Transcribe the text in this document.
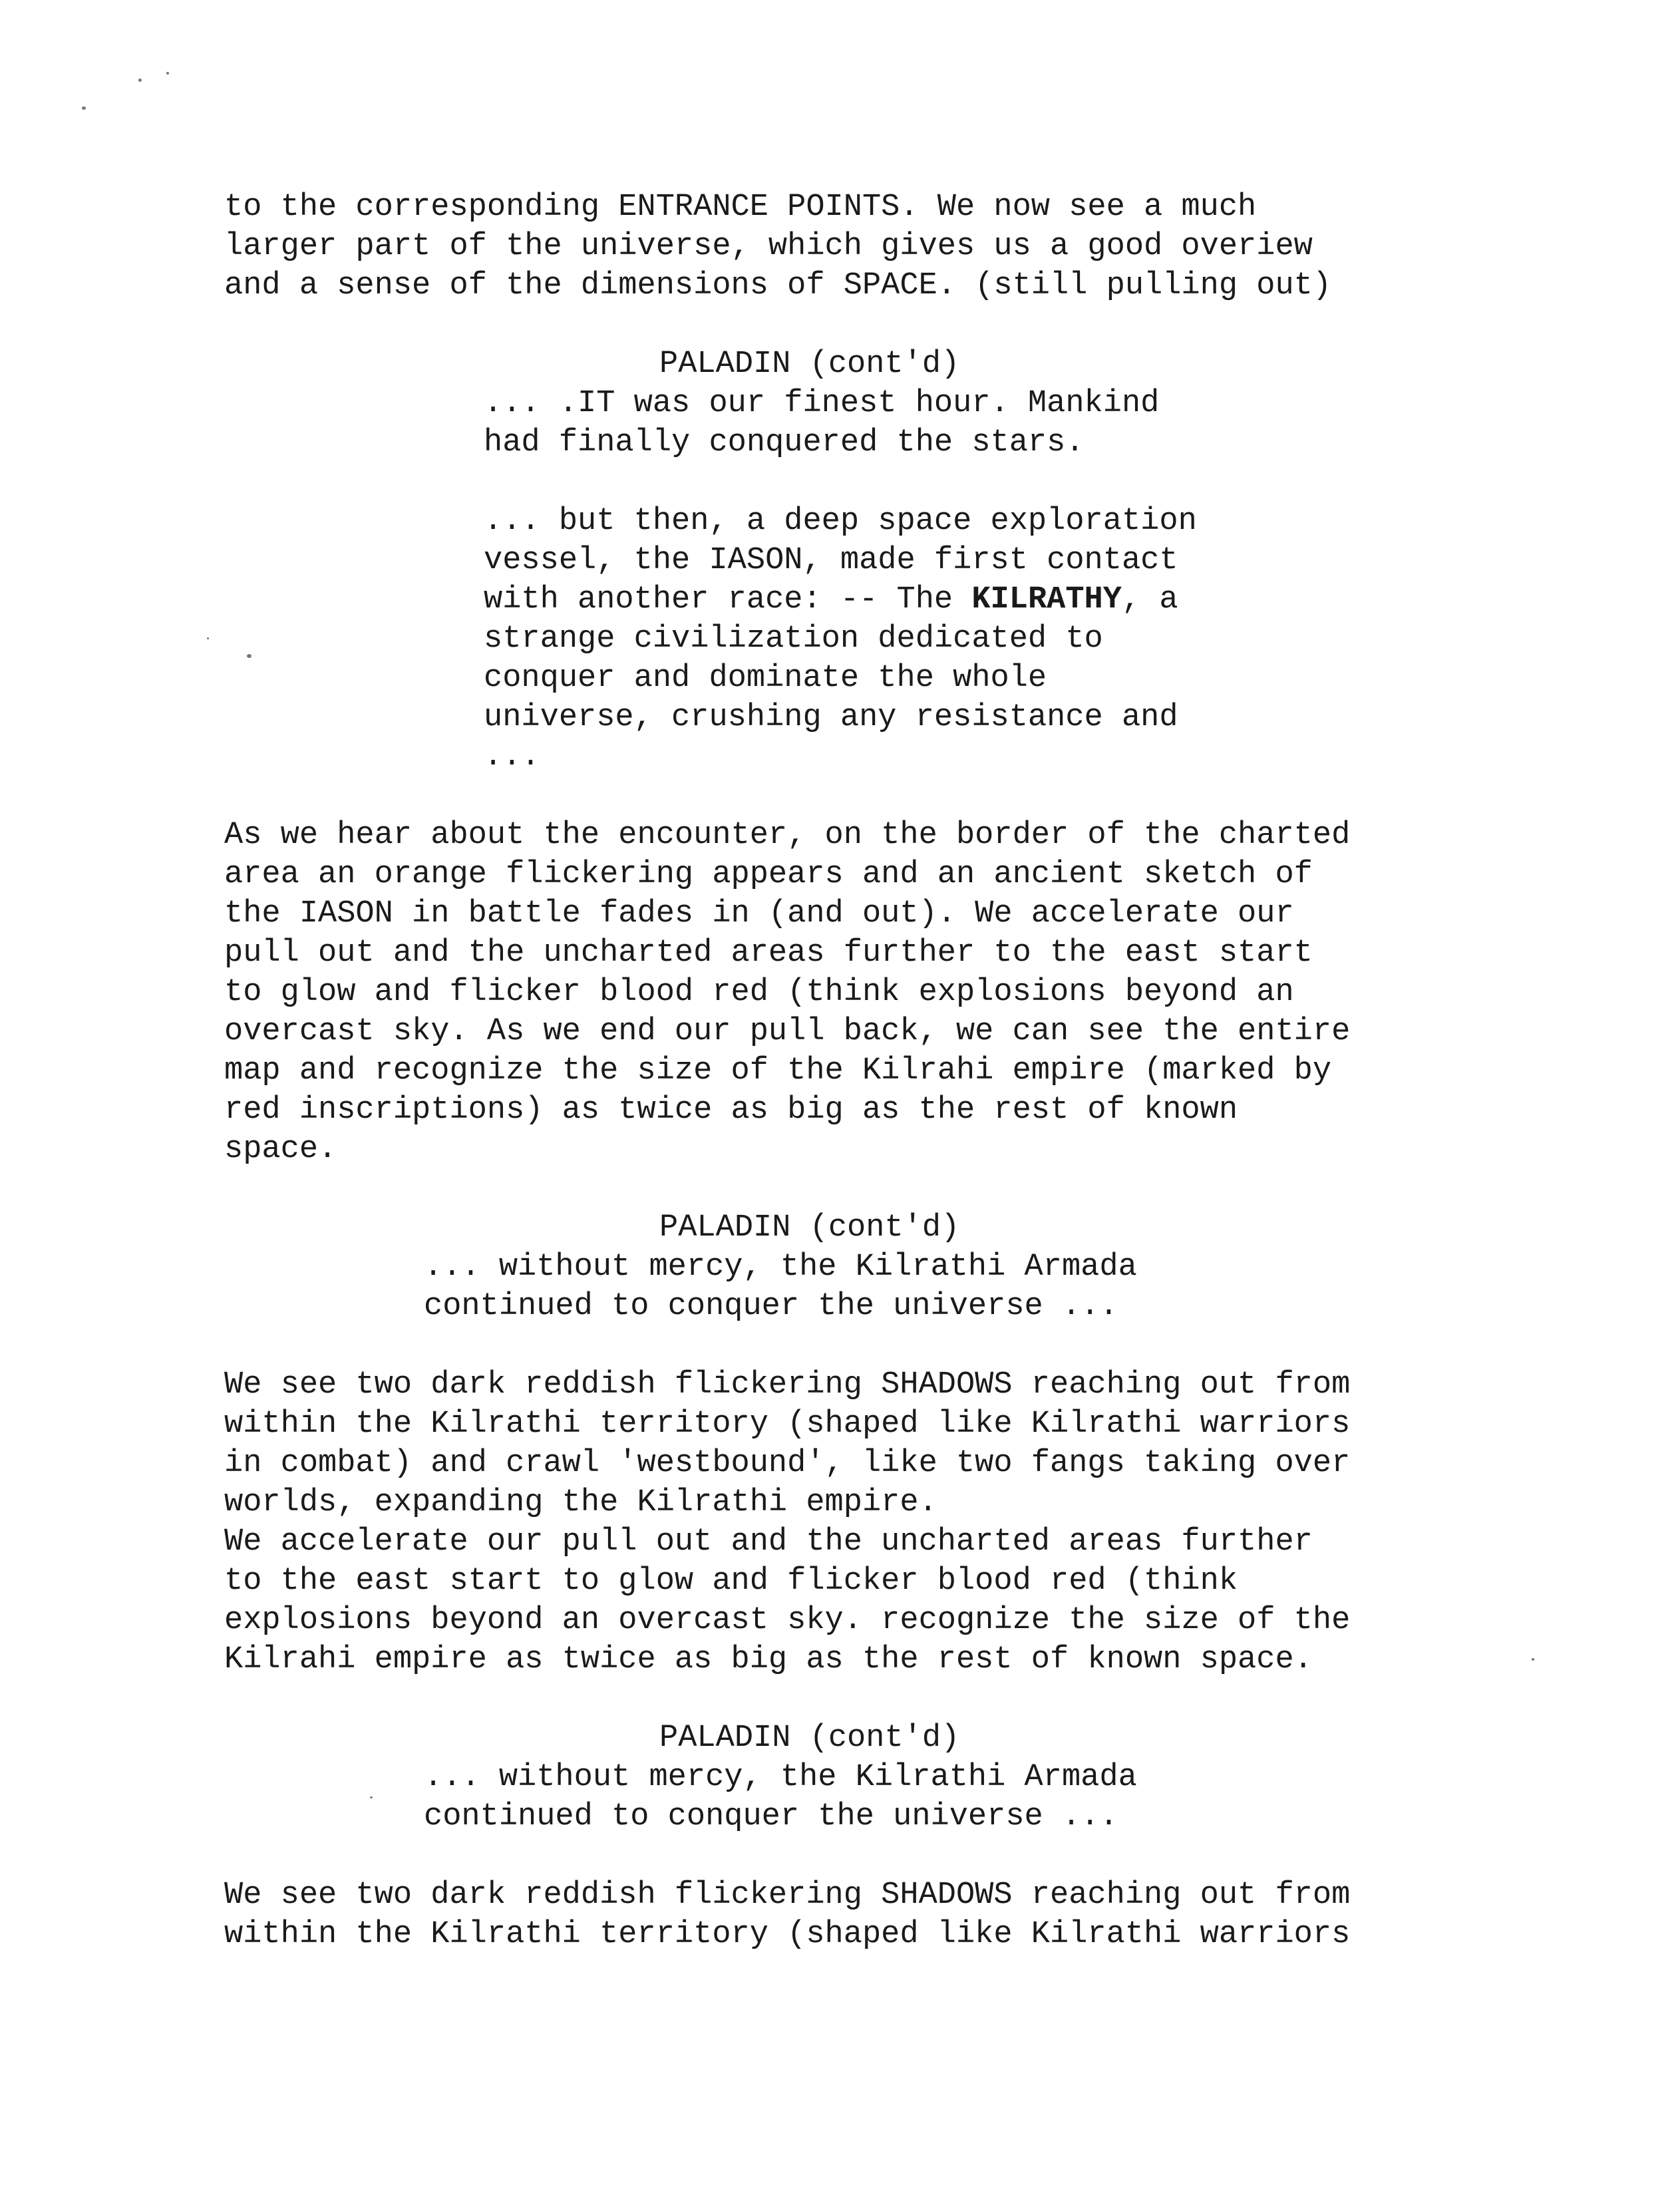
to the corresponding ENTRANCE POINTS. We now see a much
larger part of the universe, which gives us a good overiew
and a sense of the dimensions of SPACE. (still pulling out)
PALADIN (cont'd)
... .IT was our finest hour. Mankind
had finally conquered the stars.
... but then, a deep space exploration
vessel, the IASON, made first contact
with another race: -- The KILRATHY, a
strange civilization dedicated to
conquer and dominate the whole
universe, crushing any resistance and
...
As we hear about the encounter, on the border of the charted
area an orange flickering appears and an ancient sketch of
the IASON in battle fades in (and out). We accelerate our
pull out and the uncharted areas further to the east start
to glow and flicker blood red (think explosions beyond an
overcast sky. As we end our pull back, we can see the entire
map and recognize the size of the Kilrahi empire (marked by
red inscriptions) as twice as big as the rest of known
space.
PALADIN (cont'd)
... without mercy, the Kilrathi Armada
continued to conquer the universe ...
We see two dark reddish flickering SHADOWS reaching out from
within the Kilrathi territory (shaped like Kilrathi warriors
in combat) and crawl 'westbound', like two fangs taking over
worlds, expanding the Kilrathi empire.
We accelerate our pull out and the uncharted areas further
to the east start to glow and flicker blood red (think
explosions beyond an overcast sky. recognize the size of the
Kilrahi empire as twice as big as the rest of known space.
PALADIN (cont'd)
... without mercy, the Kilrathi Armada
continued to conquer the universe ...
We see two dark reddish flickering SHADOWS reaching out from
within the Kilrathi territory (shaped like Kilrathi warriors
